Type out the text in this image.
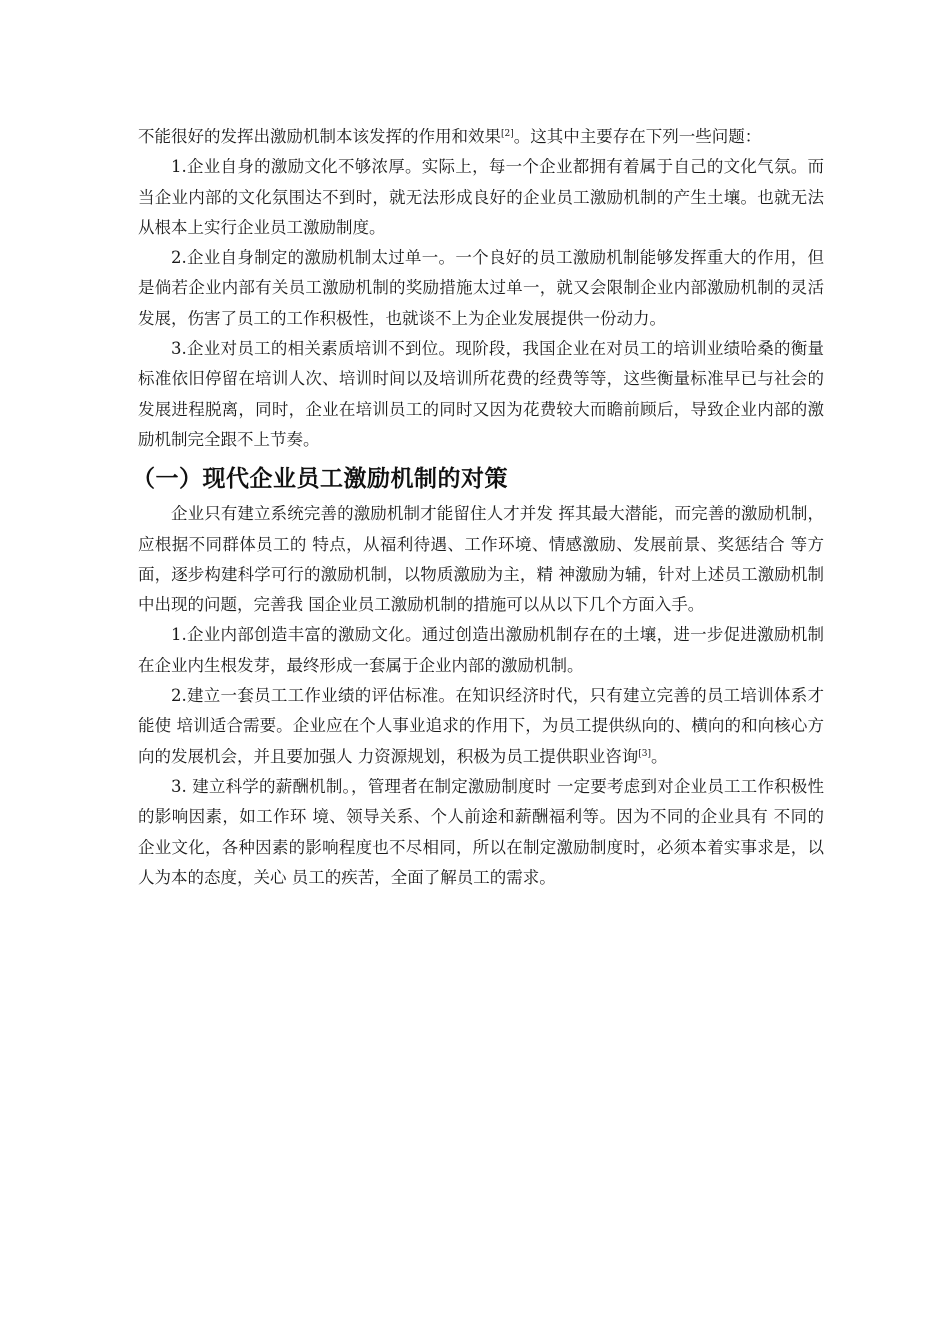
不能很好的发挥出激励机制本该发挥的作用和效果[2]。这其中主要存在下列一些问题：

1.企业自身的激励文化不够浓厚。实际上，每一个企业都拥有着属于自己的文化气氛。而当企业内部的文化氛围达不到时，就无法形成良好的企业员工激励机制的产生土壤。也就无法从根本上实行企业员工激励制度。

2.企业自身制定的激励机制太过单一。一个良好的员工激励机制能够发挥重大的作用，但是倘若企业内部有关员工激励机制的奖励措施太过单一，就又会限制企业内部激励机制的灵活发展，伤害了员工的工作积极性，也就谈不上为企业发展提供一份动力。

3.企业对员工的相关素质培训不到位。现阶段，我国企业在对员工的培训业绩哈桑的衡量标准依旧停留在培训人次、培训时间以及培训所花费的经费等等，这些衡量标准早已与社会的发展进程脱离，同时，企业在培训员工的同时又因为花费较大而瞻前顾后，导致企业内部的激励机制完全跟不上节奏。

（一）现代企业员工激励机制的对策

企业只有建立系统完善的激励机制才能留住人才并发 挥其最大潜能，而完善的激励机制，应根据不同群体员工的 特点，从福利待遇、工作环境、情感激励、发展前景、奖惩结合 等方面，逐步构建科学可行的激励机制，以物质激励为主，精 神激励为辅，针对上述员工激励机制中出现的问题，完善我 国企业员工激励机制的措施可以从以下几个方面入手。

1.企业内部创造丰富的激励文化。通过创造出激励机制存在的土壤，进一步促进激励机制在企业内生根发芽，最终形成一套属于企业内部的激励机制。

2.建立一套员工工作业绩的评估标准。在知识经济时代，只有建立完善的员工培训体系才能使 培训适合需要。企业应在个人事业追求的作用下，为员工提供纵向的、横向的和向核心方向的发展机会，并且要加强人 力资源规划，积极为员工提供职业咨询[3]。

3. 建立科学的薪酬机制。，管理者在制定激励制度时 一定要考虑到对企业员工工作积极性的影响因素，如工作环 境、领导关系、个人前途和薪酬福利等。因为不同的企业具有 不同的企业文化，各种因素的影响程度也不尽相同，所以在制定激励制度时，必须本着实事求是，以人为本的态度，关心 员工的疾苦，全面了解员工的需求。
